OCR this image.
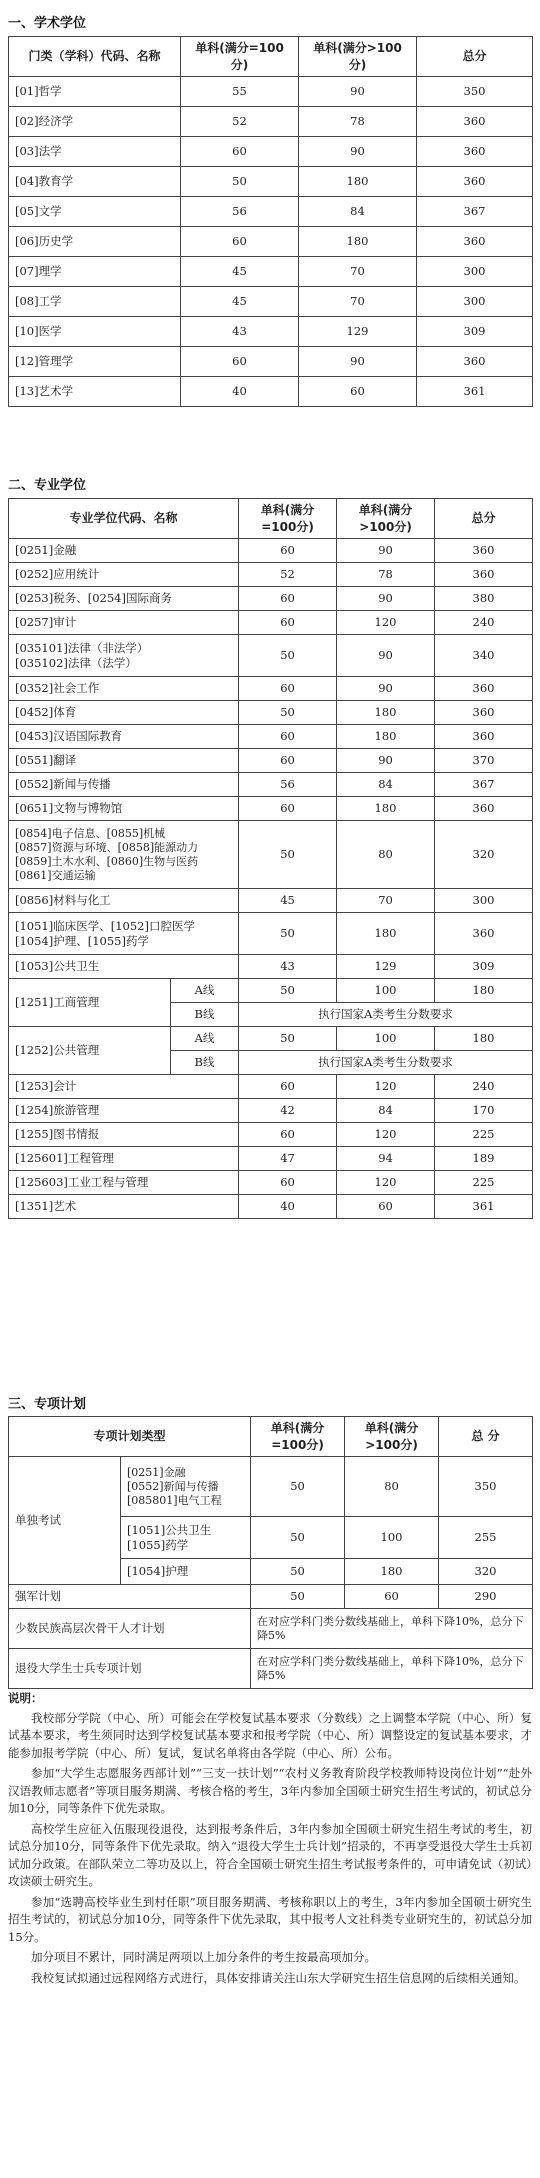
一、学术学位
门类（学科）代码、名称	单科(满分=100分)	单科(满分>100分)	总分
[01]哲学	55	90	350
[02]经济学	52	78	360
[03]法学	60	90	360
[04]教育学	50	180	360
[05]文学	56	84	367
[06]历史学	60	180	360
[07]理学	45	70	300
[08]工学	45	70	300
[10]医学	43	129	309
[12]管理学	60	90	360
[13]艺术学	40	60	361
二、专业学位
专业学位代码、名称		单科(满分=100分)	单科(满分>100分)	总分
[0251]金融		60	90	360
[0252]应用统计		52	78	360
[0253]税务、[0254]国际商务		60	90	380
[0257]审计		60	120	240
[035101]法律（非法学）
[035102]法律（法学）		50	90	340
[0352]社会工作		60	90	360
[0452]体育		50	180	360
[0453]汉语国际教育		60	180	360
[0551]翻译		60	90	370
[0552]新闻与传播		56	84	367
[0651]文物与博物馆		60	180	360
[0854]电子信息、[0855]机械
[0857]资源与环境、[0858]能源动力
[0859]土木水利、[0860]生物与医药
[0861]交通运输		50	80	320
[0856]材料与化工		45	70	300
[1051]临床医学、[1052]口腔医学
[1054]护理、[1055]药学		50	180	360
[1053]公共卫生		43	129	309
[1251]工商管理	A线	50	100	180
	B线	执行国家A类考生分数要求		
[1252]公共管理	A线	50	100	180
	B线	执行国家A类考生分数要求		
[1253]会计		60	120	240
[1254]旅游管理		42	84	170
[1255]图书情报		60	120	225
[125601]工程管理		47	94	189
[125603]工业工程与管理		60	120	225
[1351]艺术		40	60	361
三、专项计划
专项计划类型		单科(满分=100分)	单科(满分>100分)	总 分
单独考试	[0251]金融
[0552]新闻与传播
[085801]电气工程	50	80	350
	[1051]公共卫生
[1055]药学	50	100	255
	[1054]护理	50	180	320
强军计划		50	60	290
少数民族高层次骨干人才计划		在对应学科门类分数线基础上，单科下降10%，总分下降5%		
退役大学生士兵专项计划		在对应学科门类分数线基础上，单科下降10%，总分下降5%		

说明：

我校部分学院（中心、所）可能会在学校复试基本要求（分数线）之上调整本学院（中心、所）复试基本要求，考生须同时达到学校复试基本要求和报考学院（中心、所）调整设定的复试基本要求，才能参加报考学院（中心、所）复试，复试名单将由各学院（中心、所）公布。

参加“大学生志愿服务西部计划”“三支一扶计划”“农村义务教育阶段学校教师特设岗位计划”“赴外汉语教师志愿者”等项目服务期满、考核合格的考生，3年内参加全国硕士研究生招生考试的，初试总分加10分，同等条件下优先录取。

高校学生应征入伍服现役退役，达到报考条件后，3年内参加全国硕士研究生招生考试的考生，初试总分加10分，同等条件下优先录取。纳入“退役大学生士兵计划”招录的，不再享受退役大学生士兵初试加分政策。在部队荣立二等功及以上，符合全国硕士研究生招生考试报考条件的，可申请免试（初试）攻读硕士研究生。

参加“选聘高校毕业生到村任职”项目服务期满、考核称职以上的考生，3年内参加全国硕士研究生招生考试的，初试总分加10分，同等条件下优先录取，其中报考人文社科类专业研究生的，初试总分加15分。

加分项目不累计，同时满足两项以上加分条件的考生按最高项加分。

我校复试拟通过远程网络方式进行，具体安排请关注山东大学研究生招生信息网的后续相关通知。
